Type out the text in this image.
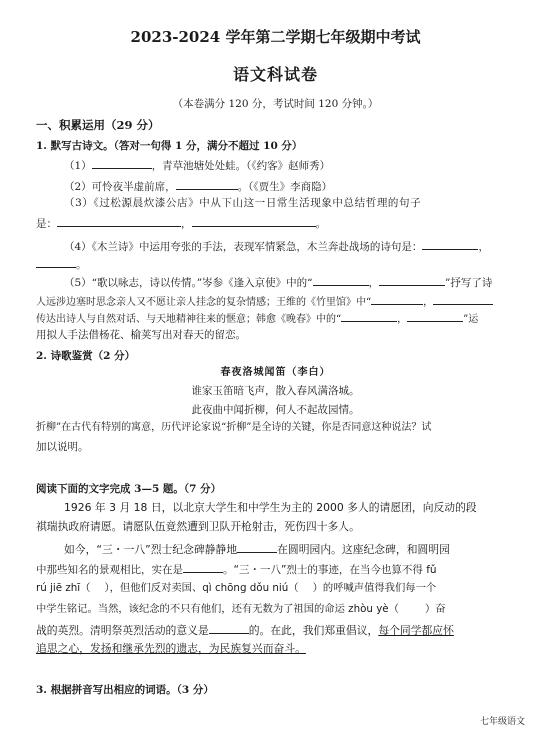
2023-2024 学年第二学期七年级期中考试
语文科试卷
（本卷满分 120 分，考试时间 120 分钟。）
一、积累运用（29 分）
1. 默写古诗文。（答对一句得 1 分，满分不超过 10 分）
（1）	，青草池塘处处蛙。（《约客》赵师秀）
（2）可怜夜半虚前席，	。（《贾生》李商隐）
（3）《过松源晨炊漆公店》中从下山这一日常生活现象中总结哲理的句子
是：	，	。
（4）《木兰诗》中运用夸张的手法，表现军情紧急，木兰奔赴战场的诗句是：	，
。
（5）“歌以咏志，诗以传情。”岑参《逢入京使》中的“	，	”抒写了诗
人远涉边塞时思念亲人又不愿让亲人挂念的复杂情感；王维的《竹里馆》中“	，
传达出诗人与自然对话、与天地精神往来的惬意；韩愈《晚春》中的“	，	”运
用拟人手法借杨花、榆荚写出对春天的留恋。
2. 诗歌鉴赏（2 分）
春夜洛城闻笛（李白）
谁家玉笛暗飞声，散入春风满洛城。
此夜曲中闻折柳，何人不起故园情。
折柳”在古代有特别的寓意，历代评论家说“折柳”是全诗的关键，你是否同意这种说法？试
加以说明。
阅读下面的文字完成 3—5 题。（7 分）
1926 年 3 月 18 日，以北京大学生和中学生为主的 2000 多人的请愿团，向反动的段
祺瑞执政府请愿。请愿队伍竟然遭到卫队开枪射击，死伤四十多人。
如今，“三・一八”烈士纪念碑静静地	在圆明园内。这座纪念碑，和圆明园
中那些知名的景观相比，实在是	。“三・一八”烈士的事迹，在当今也算不得 fǔ
rú jiē zhī（ ），但他们反对卖国、qì chōng dǒu niú（ ）的呼喊声值得我们每一个
中学生铭记。当然，该纪念的不只有他们，还有无数为了祖国的命运 zhòu yè（	）奋
战的英烈。清明祭英烈活动的意义是	的。在此，我们郑重倡议，每个同学都应怀
追思之心，发扬和继承先烈的遗志，为民族复兴而奋斗。
3. 根据拼音写出相应的词语。（3 分）
七年级语文
